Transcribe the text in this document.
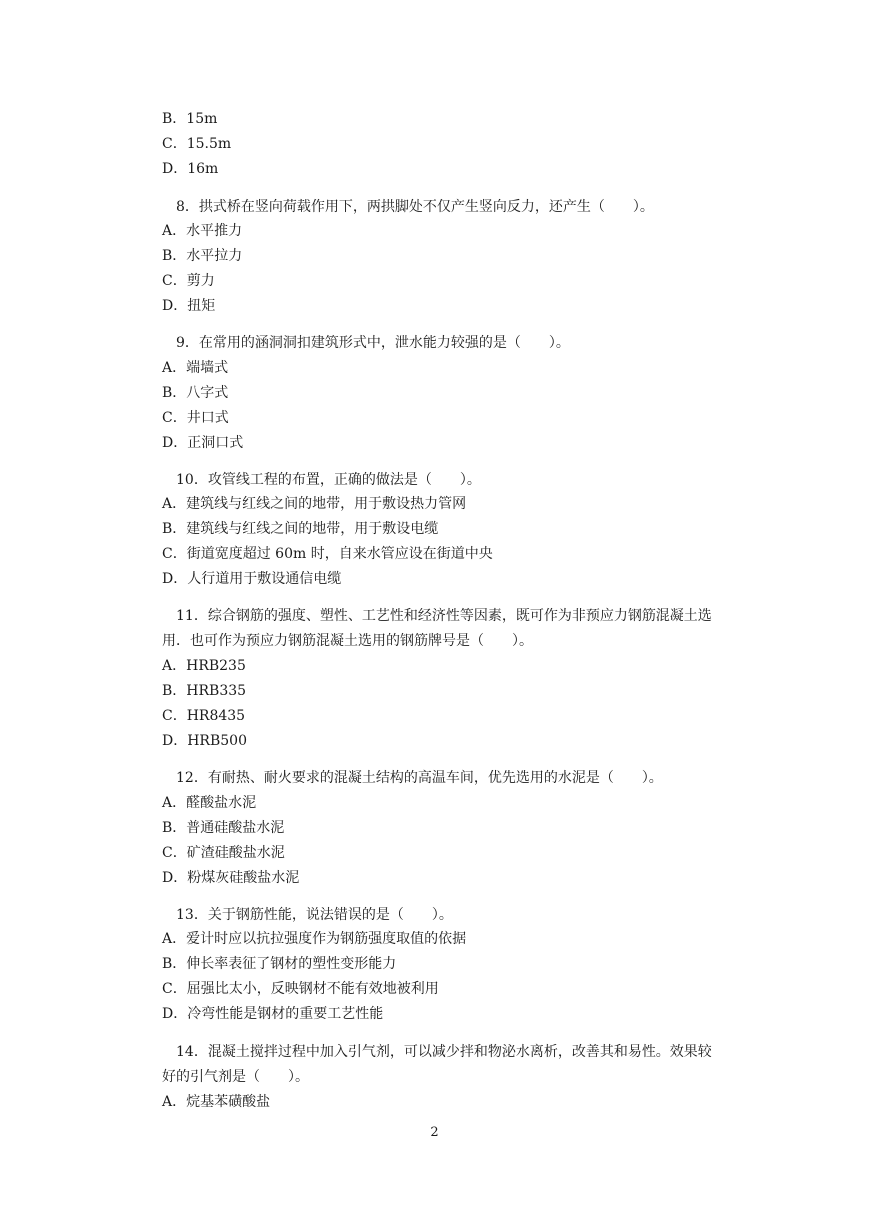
B．15m
C．15.5m
D．16m
8．拱式桥在竖向荷载作用下，两拱脚处不仅产生竖向反力，还产生（　　）。
A．水平推力
B．水平拉力
C．剪力
D．扭矩
9．在常用的涵洞洞扣建筑形式中，泄水能力较强的是（　　）。
A．端墙式
B．八字式
C．井口式
D．正洞口式
10．攻管线工程的布置，正确的做法是（　　）。
A．建筑线与红线之间的地带，用于敷设热力管网
B．建筑线与红线之间的地带，用于敷设电缆
C．街道宽度超过 60m 时，自来水管应设在街道中央
D．人行道用于敷设通信电缆
11．综合钢筋的强度、塑性、工艺性和经济性等因素，既可作为非预应力钢筋混凝土选
用．也可作为预应力钢筋混凝土选用的钢筋牌号是（　　）。
A．HRB235
B．HRB335
C．HR8435
D．HRB500
12．有耐热、耐火要求的混凝土结构的高温车间，优先选用的水泥是（　　）。
A．醛酸盐水泥
B．普通硅酸盐水泥
C．矿渣硅酸盐水泥
D．粉煤灰硅酸盐水泥
13．关于钢筋性能，说法错误的是（　　）。
A．爱计时应以抗拉强度作为钢筋强度取值的依据
B．伸长率表征了钢材的塑性变形能力
C．屈强比太小，反映钢材不能有效地被利用
D．冷弯性能是钢材的重要工艺性能
14．混凝土搅拌过程中加入引气剂，可以减少拌和物泌水离析，改善其和易性。效果较
好的引气剂是（　　）。
A．烷基苯磺酸盐
2
